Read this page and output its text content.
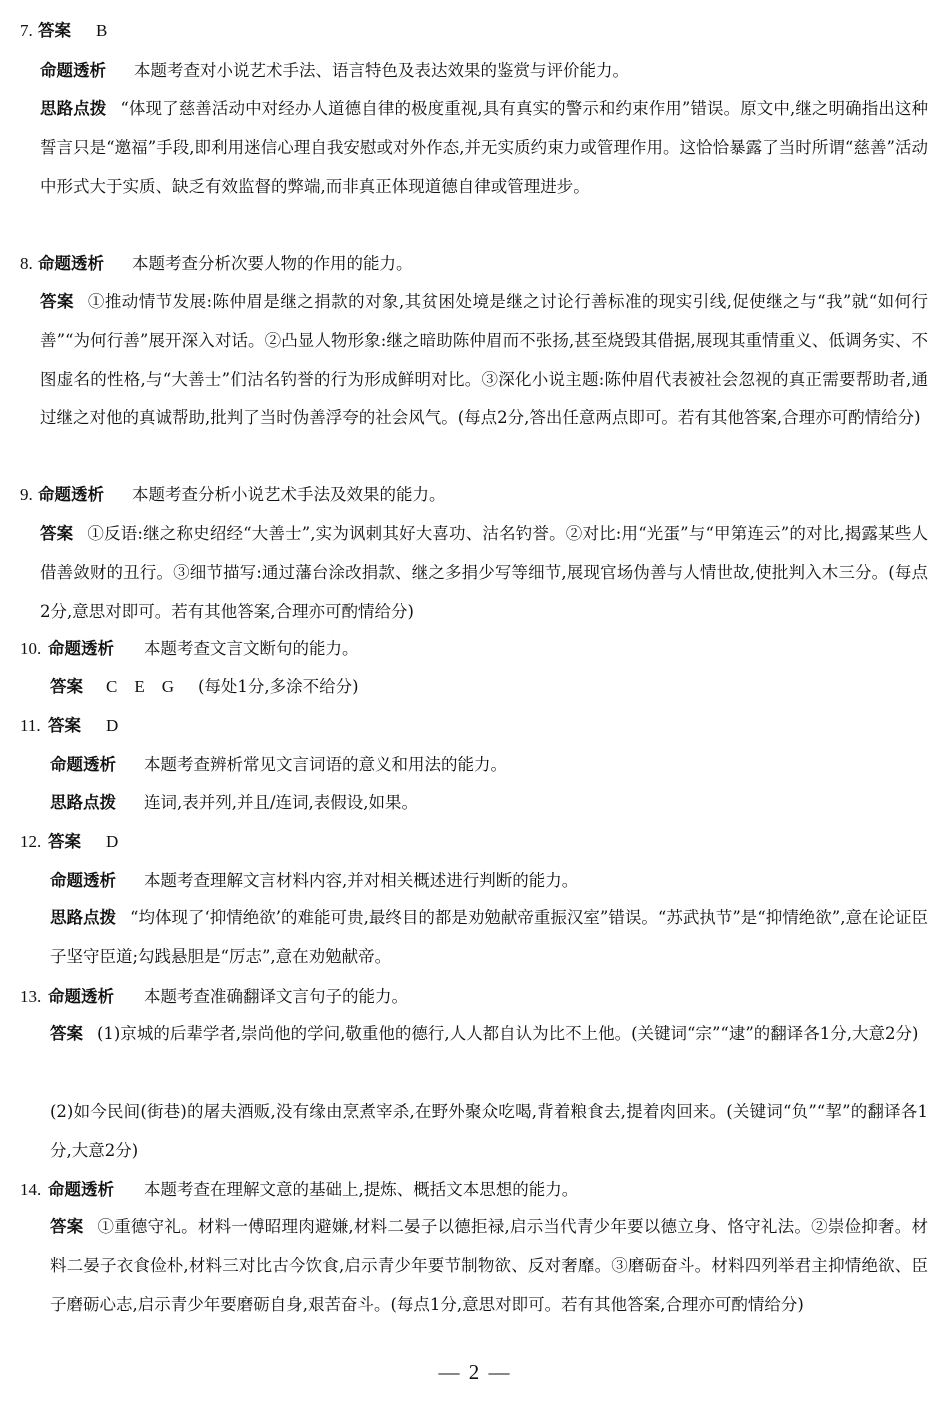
7. 答案 B
命题透析 本题考查对小说艺术手法、语言特色及表达效果的鉴赏与评价能力。
思路点拨 “体现了慈善活动中对经办人道德自律的极度重视,具有真实的警示和约束作用”错误。原文中,继之明确指出这种誓言只是“邀福”手段,即利用迷信心理自我安慰或对外作态,并无实质约束力或管理作用。这恰恰暴露了当时所谓“慈善”活动中形式大于实质、缺乏有效监督的弊端,而非真正体现道德自律或管理进步。
8. 命题透析 本题考查分析次要人物的作用的能力。
答案 ①推动情节发展:陈仲眉是继之捐款的对象,其贫困处境是继之讨论行善标准的现实引线,促使继之与“我”就“如何行善”“为何行善”展开深入对话。②凸显人物形象:继之暗助陈仲眉而不张扬,甚至烧毁其借据,展现其重情重义、低调务实、不图虚名的性格,与“大善士”们沽名钓誉的行为形成鲜明对比。③深化小说主题:陈仲眉代表被社会忽视的真正需要帮助者,通过继之对他的真诚帮助,批判了当时伪善浮夸的社会风气。(每点2分,答出任意两点即可。若有其他答案,合理亦可酌情给分)
9. 命题透析 本题考查分析小说艺术手法及效果的能力。
答案 ①反语:继之称史绍经“大善士”,实为讽刺其好大喜功、沽名钓誉。②对比:用“光蛋”与“甲第连云”的对比,揭露某些人借善敛财的丑行。③细节描写:通过藩台涂改捐款、继之多捐少写等细节,展现官场伪善与人情世故,使批判入木三分。(每点2分,意思对即可。若有其他答案,合理亦可酌情给分)
10. 命题透析 本题考查文言文断句的能力。
答案 C　E　G (每处1分,多涂不给分)
11. 答案 D
命题透析 本题考查辨析常见文言词语的意义和用法的能力。
思路点拨 连词,表并列,并且/连词,表假设,如果。
12. 答案 D
命题透析 本题考查理解文言材料内容,并对相关概述进行判断的能力。
思路点拨 “均体现了‘抑情绝欲’的难能可贵,最终目的都是劝勉献帝重振汉室”错误。“苏武执节”是“抑情绝欲”,意在论证臣子坚守臣道;勾践悬胆是“厉志”,意在劝勉献帝。
13. 命题透析 本题考查准确翻译文言句子的能力。
答案 (1)京城的后辈学者,崇尚他的学问,敬重他的德行,人人都自认为比不上他。(关键词“宗”“逮”的翻译各1分,大意2分)
(2)如今民间(街巷)的屠夫酒贩,没有缘由烹煮宰杀,在野外聚众吃喝,背着粮食去,提着肉回来。(关键词“负”“挈”的翻译各1分,大意2分)
14. 命题透析 本题考查在理解文意的基础上,提炼、概括文本思想的能力。
答案 ①重德守礼。材料一傅昭理肉避嫌,材料二晏子以德拒禄,启示当代青少年要以德立身、恪守礼法。②崇俭抑奢。材料二晏子衣食俭朴,材料三对比古今饮食,启示青少年要节制物欲、反对奢靡。③磨砺奋斗。材料四列举君主抑情绝欲、臣子磨砺心志,启示青少年要磨砺自身,艰苦奋斗。(每点1分,意思对即可。若有其他答案,合理亦可酌情给分)
— 2 —
